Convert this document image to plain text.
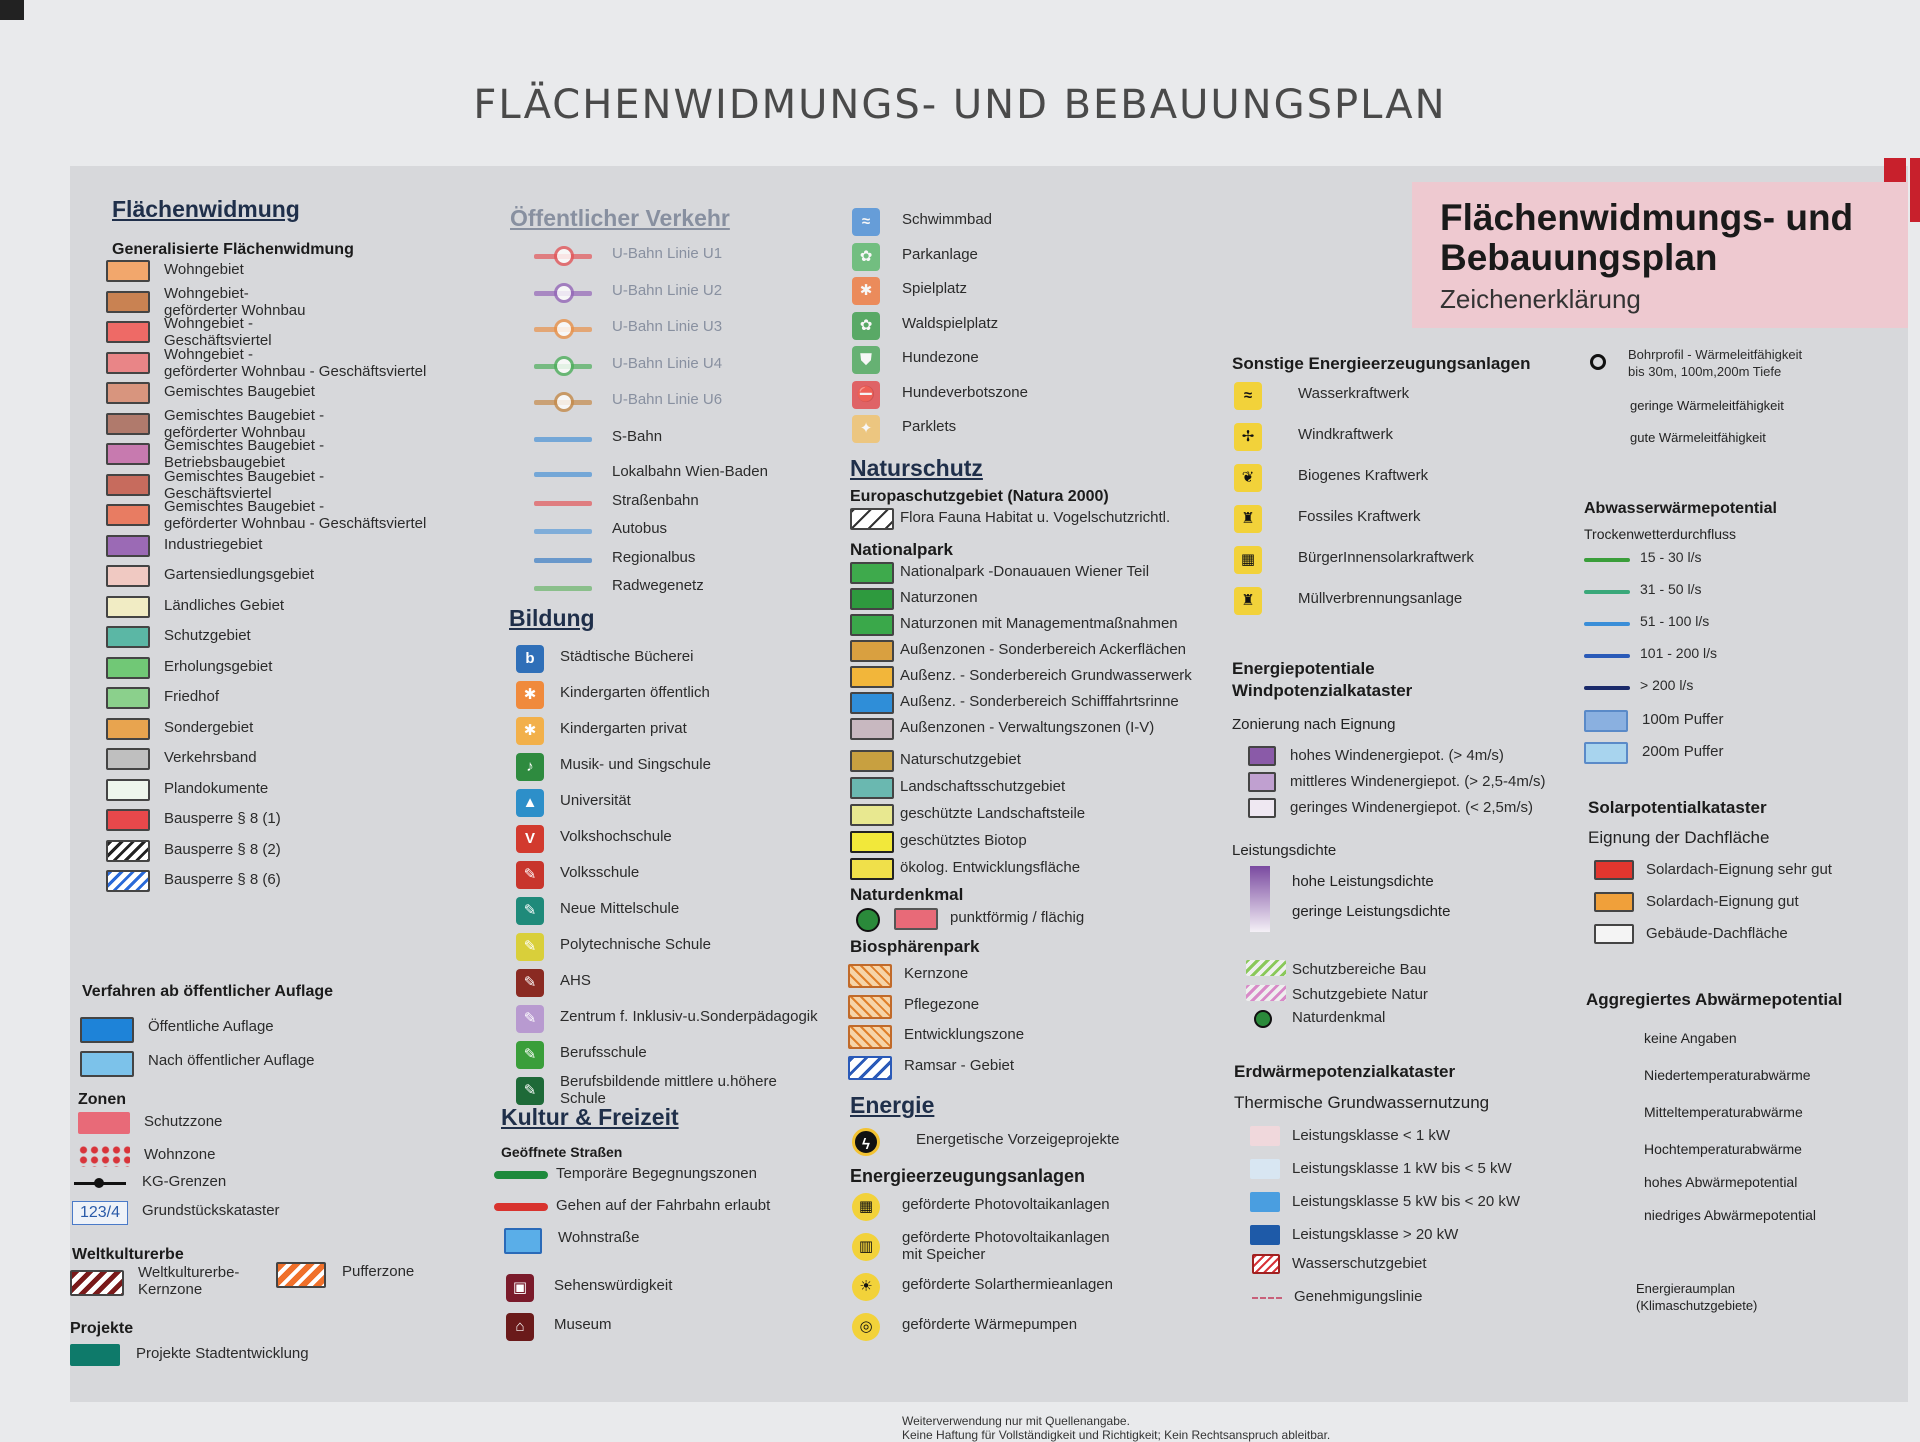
FLÄCHENWIDMUNGS- UND BEBAUUNGSPLAN
Flächenwidmungs- und Bebauungsplan
Zeichenerklärung
Flächenwidmung
Generalisierte Flächenwidmung
Wohngebiet
Wohngebiet-
geförderter Wohnbau
Wohngebiet -
Geschäftsviertel
Wohngebiet -
geförderter Wohnbau - Geschäftsviertel
Gemischtes Baugebiet
Gemischtes Baugebiet -
geförderter Wohnbau
Gemischtes Baugebiet -
Betriebsbaugebiet
Gemischtes Baugebiet -
Geschäftsviertel
Gemischtes Baugebiet -
geförderter Wohnbau - Geschäftsviertel
Industriegebiet
Gartensiedlungsgebiet
Ländliches Gebiet
Schutzgebiet
Erholungsgebiet
Friedhof
Sondergebiet
Verkehrsband
Plandokumente
Bausperre § 8 (1)
Bausperre § 8 (2)
Bausperre § 8 (6)
Verfahren ab öffentlicher Auflage
Öffentliche Auflage
Nach öffentlicher Auflage
Zonen
Schutzzone
Wohnzone
KG-Grenzen
123/4	Grundstückskataster
Weltkulturerbe
Weltkulturerbe-
Kernzone
Pufferzone
Projekte
Projekte Stadtentwicklung
Öffentlicher Verkehr
U-Bahn Linie U1
U-Bahn Linie U2
U-Bahn Linie U3
U-Bahn Linie U4
U-Bahn Linie U6
S-Bahn
Lokalbahn Wien-Baden
Straßenbahn
Autobus
Regionalbus
Radwegenetz
Bildung
b	Städtische Bücherei
✱	Kindergarten öffentlich
✱	Kindergarten privat
♪	Musik- und Singschule
▲	Universität
V	Volkshochschule
✎	Volksschule
✎	Neue Mittelschule
✎	Polytechnische Schule
✎	AHS
✎	Zentrum f. Inklusiv-u.Sonderpädagogik
✎	Berufsschule
✎
Berufsbildende mittlere u.höhere
Schule
Kultur & Freizeit
Geöffnete Straßen
Temporäre Begegnungszonen
Gehen auf der Fahrbahn erlaubt
Wohnstraße
▣	Sehenswürdigkeit
⌂	Museum
≈	Schwimmbad
✿	Parkanlage
✱	Spielplatz
✿	Waldspielplatz
⛊	Hundezone
⛔	Hundeverbotszone
✦	Parklets
Naturschutz
Europaschutzgebiet (Natura 2000)
Flora Fauna Habitat u. Vogelschutzrichtl.
Nationalpark
Nationalpark -Donauauen Wiener Teil
Naturzonen
Naturzonen mit Managementmaßnahmen
Außenzonen - Sonderbereich Ackerflächen
Außenz. - Sonderbereich Grundwasserwerk
Außenz. - Sonderbereich Schifffahrtsrinne
Außenzonen - Verwaltungszonen (I-V)
Naturschutzgebiet
Landschaftsschutzgebiet
geschützte Landschaftsteile
geschütztes Biotop
ökolog. Entwicklungsfläche
Naturdenkmal
punktförmig / flächig
Biosphärenpark
Kernzone
Pflegezone
Entwicklungszone
Ramsar - Gebiet
Energie
ϟ	Energetische Vorzeigeprojekte
Energieerzeugungsanlagen
▦	geförderte Photovoltaikanlagen
▥
geförderte Photovoltaikanlagen
mit Speicher
☀	geförderte Solarthermieanlagen
◎	geförderte Wärmepumpen
Sonstige Energieerzeugungsanlagen
≈	Wasserkraftwerk
✢	Windkraftwerk
❦	Biogenes Kraftwerk
♜	Fossiles Kraftwerk
▦	BürgerInnensolarkraftwerk
♜	Müllverbrennungsanlage
Energiepotentiale
Windpotenzialkataster
Zonierung nach Eignung
hohes Windenergiepot. (> 4m/s)
mittleres Windenergiepot. (> 2,5-4m/s)
geringes Windenergiepot. (< 2,5m/s)
Leistungsdichte
hohe Leistungsdichte
geringe Leistungsdichte
Schutzbereiche Bau
Schutzgebiete Natur
Naturdenkmal
Erdwärmepotenzialkataster
Thermische Grundwassernutzung
Leistungsklasse < 1 kW
Leistungsklasse 1 kW bis < 5 kW
Leistungsklasse 5 kW bis < 20 kW
Leistungsklasse > 20 kW
Wasserschutzgebiet
Genehmigungslinie
Bohrprofil - Wärmeleitfähigkeit
bis 30m, 100m,200m Tiefe
geringe Wärmeleitfähigkeit
gute Wärmeleitfähigkeit
Abwasserwärmepotential
Trockenwetterdurchfluss
15 - 30 l/s
31 - 50 l/s
51 - 100 l/s
101 - 200 l/s
> 200 l/s
100m Puffer
200m Puffer
Solarpotentialkataster
Eignung der Dachfläche
Solardach-Eignung sehr gut
Solardach-Eignung gut
Gebäude-Dachfläche
Aggregiertes Abwärmepotential
keine Angaben
Niedertemperaturabwärme
Mitteltemperaturabwärme
Hochtemperaturabwärme
hohes Abwärmepotential
niedriges Abwärmepotential
Energieraumplan
(Klimaschutzgebiete)
Weiterverwendung nur mit Quellenangabe.
Keine Haftung für Vollständigkeit und Richtigkeit; Kein Rechtsanspruch ableitbar.
